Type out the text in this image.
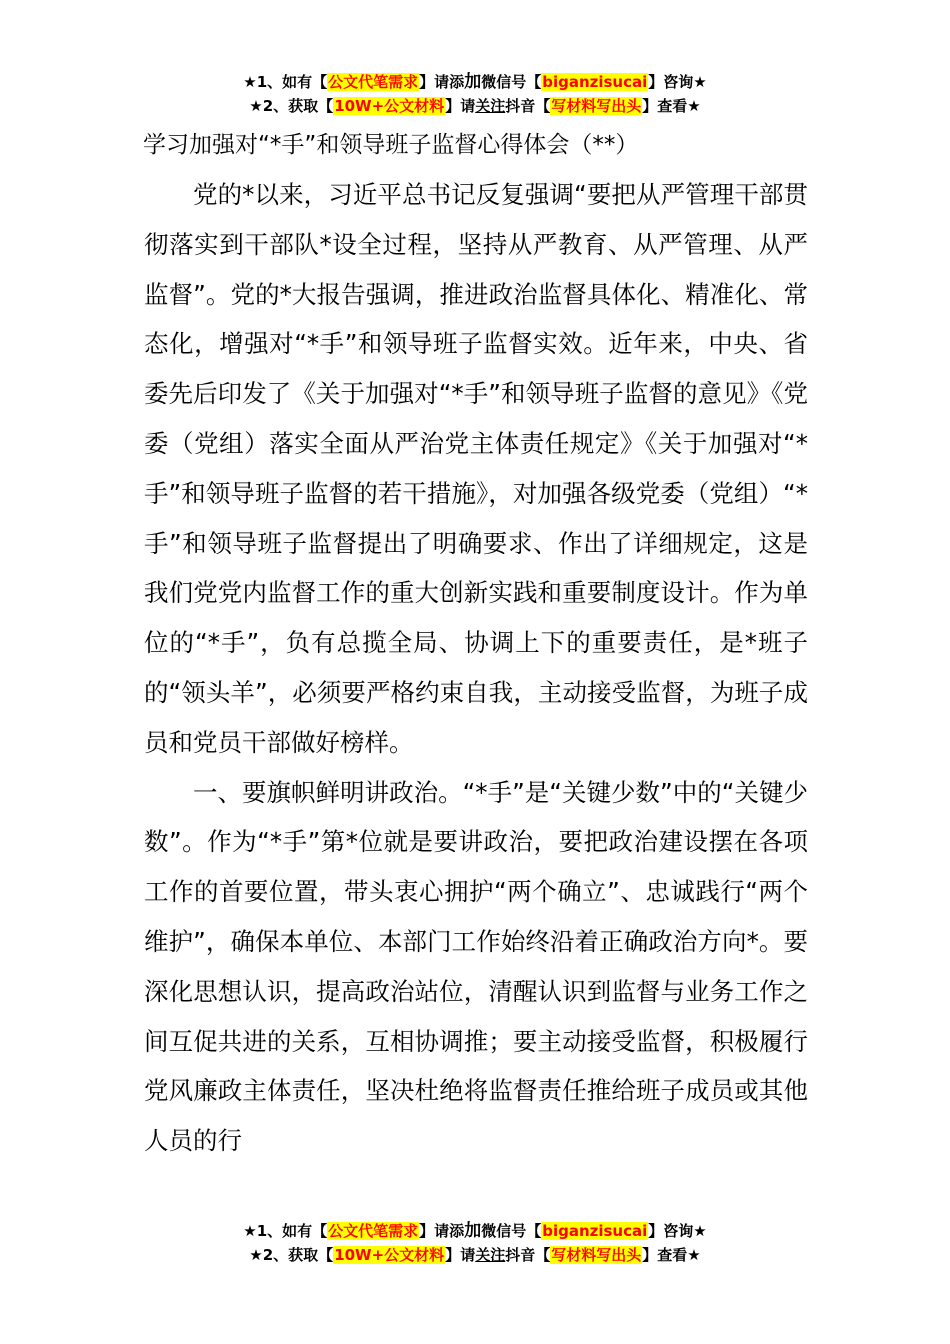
★1、如有【公文代笔需求】请添加微信号【biganzisucai】咨询★
★2、获取【10W+公文材料】请关注抖音【写材料写出头】查看★
学习加强对“*手”和领导班子监督心得体会（**）

党的*以来，习近平总书记反复强调“要把从严管理干部贯彻落实到干部队*设全过程，坚持从严教育、从严管理、从严监督”。党的*大报告强调，推进政治监督具体化、精准化、常态化，增强对“*手”和领导班子监督实效。近年来，中央、省委先后印发了《关于加强对“*手”和领导班子监督的意见》《党委（党组）落实全面从严治党主体责任规定》《关于加强对“*手”和领导班子监督的若干措施》，对加强各级党委（党组）“*手”和领导班子监督提出了明确要求、作出了详细规定，这是我们党党内监督工作的重大创新实践和重要制度设计。作为单位的“*手”，负有总揽全局、协调上下的重要责任，是*班子的“领头羊”，必须要严格约束自我，主动接受监督，为班子成员和党员干部做好榜样。

一、要旗帜鲜明讲政治。“*手”是“关键少数”中的“关键少数”。作为“*手”第*位就是要讲政治，要把政治建设摆在各项工作的首要位置，带头衷心拥护“两个确立”、忠诚践行“两个维护”，确保本单位、本部门工作始终沿着正确政治方向*。要深化思想认识，提高政治站位，清醒认识到监督与业务工作之间互促共进的关系，互相协调推；要主动接受监督，积极履行党风廉政主体责任，坚决杜绝将监督责任推给班子成员或其他人员的行

★1、如有【公文代笔需求】请添加微信号【biganzisucai】咨询★
★2、获取【10W+公文材料】请关注抖音【写材料写出头】查看★
